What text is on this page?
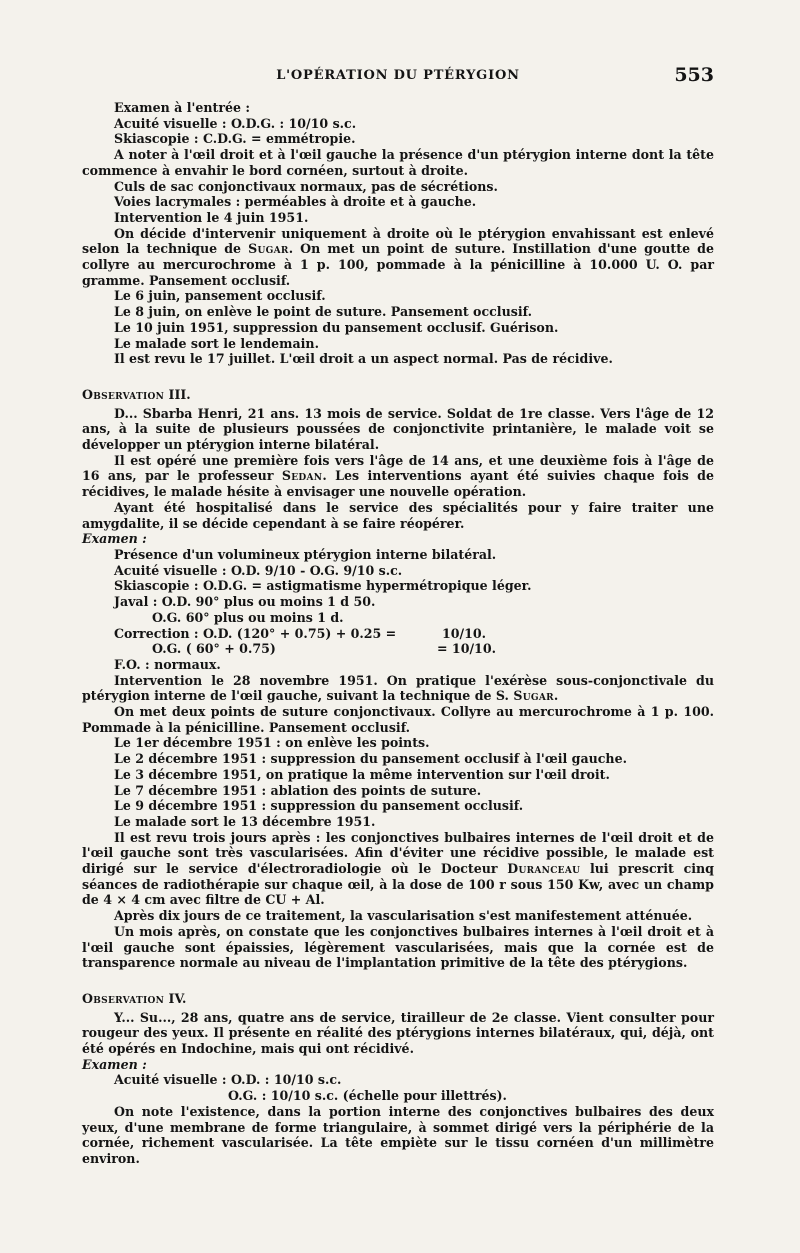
L'OPÉRATION DU PTÉRYGION	553

Examen à l'entrée :

Acuité visuelle : O.D.G. : 10/10 s.c.

Skiascopie : C.D.G. = emmétropie.

A noter à l'œil droit et à l'œil gauche la présence d'un ptérygion interne dont la tête commence à envahir le bord cornéen, surtout à droite.

Culs de sac conjonctivaux normaux, pas de sécrétions.

Voies lacrymales : perméables à droite et à gauche.

Intervention le 4 juin 1951.

On décide d'intervenir uniquement à droite où le ptérygion envahissant est enlevé selon la technique de Sugar. On met un point de suture. Instillation d'une goutte de collyre au mercurochrome à 1 p. 100, pommade à la pénicilline à 10.000 U. O. par gramme. Pansement occlusif.

Le 6 juin, pansement occlusif.

Le 8 juin, on enlève le point de suture. Pansement occlusif.

Le 10 juin 1951, suppression du pansement occlusif. Guérison.

Le malade sort le lendemain.

Il est revu le 17 juillet. L'œil droit a un aspect normal. Pas de récidive.

Observation III.

D... Sbarba Henri, 21 ans. 13 mois de service. Soldat de 1re classe. Vers l'âge de 12 ans, à la suite de plusieurs poussées de conjonctivite printanière, le malade voit se développer un ptérygion interne bilatéral.

Il est opéré une première fois vers l'âge de 14 ans, et une deuxième fois à l'âge de 16 ans, par le professeur Sedan. Les interventions ayant été suivies chaque fois de récidives, le malade hésite à envisager une nouvelle opération.

Ayant été hospitalisé dans le service des spécialités pour y faire traiter une amygdalite, il se décide cependant à se faire réopérer.

Examen :

Présence d'un volumineux ptérygion interne bilatéral.

Acuité visuelle : O.D. 9/10 - O.G. 9/10 s.c.

Skiascopie : O.D.G. = astigmatisme hypermétropique léger.

Javal : O.D. 90° plus ou moins 1 d 50.

O.G. 60° plus ou moins 1 d.

Correction : O.D. (120° + 0.75) + 0.25 =	10/10.

O.G. ( 60° + 0.75)	= 10/10.

F.O. : normaux.

Intervention le 28 novembre 1951. On pratique l'exérèse sous-conjonctivale du ptérygion interne de l'œil gauche, suivant la technique de S. Sugar.

On met deux points de suture conjonctivaux. Collyre au mercurochrome à 1 p. 100. Pommade à la pénicilline. Pansement occlusif.

Le 1er décembre 1951 : on enlève les points.

Le 2 décembre 1951 : suppression du pansement occlusif à l'œil gauche.

Le 3 décembre 1951, on pratique la même intervention sur l'œil droit.

Le 7 décembre 1951 : ablation des points de suture.

Le 9 décembre 1951 : suppression du pansement occlusif.

Le malade sort le 13 décembre 1951.

Il est revu trois jours après : les conjonctives bulbaires internes de l'œil droit et de l'œil gauche sont très vascularisées. Afin d'éviter une récidive possible, le malade est dirigé sur le service d'électroradiologie où le Docteur Duranceau lui prescrit cinq séances de radiothérapie sur chaque œil, à la dose de 100 r sous 150 Kw, avec un champ de 4 × 4 cm avec filtre de CU + Al.

Après dix jours de ce traitement, la vascularisation s'est manifestement atténuée.

Un mois après, on constate que les conjonctives bulbaires internes à l'œil droit et à l'œil gauche sont épaissies, légèrement vascularisées, mais que la cornée est de transparence normale au niveau de l'implantation primitive de la tête des ptérygions.

Observation IV.

Y... Su..., 28 ans, quatre ans de service, tirailleur de 2e classe. Vient consulter pour rougeur des yeux. Il présente en réalité des ptérygions internes bilatéraux, qui, déjà, ont été opérés en Indochine, mais qui ont récidivé.

Examen :

Acuité visuelle : O.D. : 10/10 s.c.

O.G. : 10/10 s.c. (échelle pour illettrés).

On note l'existence, dans la portion interne des conjonctives bulbaires des deux yeux, d'une membrane de forme triangulaire, à sommet dirigé vers la périphérie de la cornée, richement vascularisée. La tête empiète sur le tissu cornéen d'un millimètre environ.
